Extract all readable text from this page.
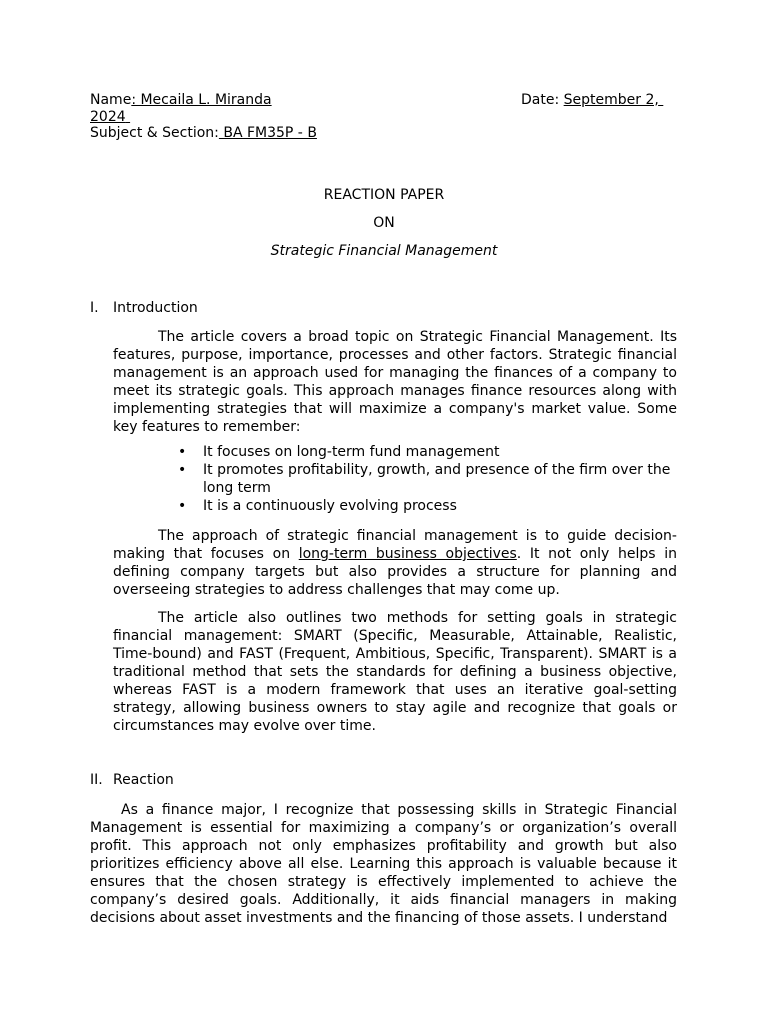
Name: Mecaila L. Miranda	Date: September 2,
2024
Subject & Section: BA FM35P - B
REACTION PAPER
ON
Strategic Financial Management
I. Introduction
The article covers a broad topic on Strategic Financial Management. Its features, purpose, importance, processes and other factors. Strategic financial management is an approach used for managing the finances of a company to meet its strategic goals. This approach manages finance resources along with implementing strategies that will maximize a company's market value. Some key features to remember:
• It focuses on long-term fund management
• It promotes profitability, growth, and presence of the firm over the long term
• It is a continuously evolving process
The approach of strategic financial management is to guide decision-making that focuses on long-term business objectives. It not only helps in defining company targets but also provides a structure for planning and overseeing strategies to address challenges that may come up.
The article also outlines two methods for setting goals in strategic financial management: SMART (Specific, Measurable, Attainable, Realistic, Time-bound) and FAST (Frequent, Ambitious, Specific, Transparent). SMART is a traditional method that sets the standards for defining a business objective, whereas FAST is a modern framework that uses an iterative goal-setting strategy, allowing business owners to stay agile and recognize that goals or circumstances may evolve over time.
II. Reaction
As a finance major, I recognize that possessing skills in Strategic Financial Management is essential for maximizing a company’s or organization’s overall profit. This approach not only emphasizes profitability and growth but also prioritizes efficiency above all else. Learning this approach is valuable because it ensures that the chosen strategy is effectively implemented to achieve the company’s desired goals. Additionally, it aids financial managers in making decisions about asset investments and the financing of those assets. I understand
